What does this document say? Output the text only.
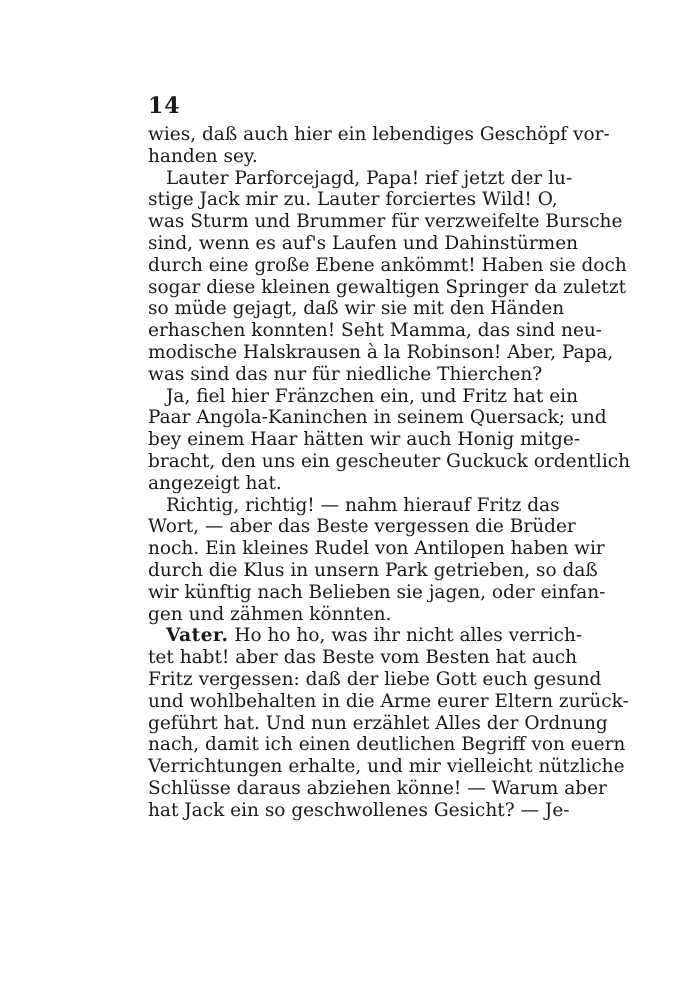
14
wies, daß auch hier ein lebendiges Geschöpf vor-
handen sey.
Lauter Parforcejagd, Papa! rief jetzt der lu-
stige Jack mir zu. Lauter forciertes Wild! O,
was Sturm und Brummer für verzweifelte Bursche
sind, wenn es auf's Laufen und Dahinstürmen
durch eine große Ebene ankömmt! Haben sie doch
sogar diese kleinen gewaltigen Springer da zuletzt
so müde gejagt, daß wir sie mit den Händen
erhaschen konnten! Seht Mamma, das sind neu-
modische Halskrausen à la Robinson! Aber, Papa,
was sind das nur für niedliche Thierchen?
Ja, fiel hier Fränzchen ein, und Fritz hat ein
Paar Angola-Kaninchen in seinem Quersack; und
bey einem Haar hätten wir auch Honig mitge-
bracht, den uns ein gescheuter Guckuck ordentlich
angezeigt hat.
Richtig, richtig! — nahm hierauf Fritz das
Wort, — aber das Beste vergessen die Brüder
noch. Ein kleines Rudel von Antilopen haben wir
durch die Klus in unsern Park getrieben, so daß
wir künftig nach Belieben sie jagen, oder einfan-
gen und zähmen könnten.
Vater. Ho ho ho, was ihr nicht alles verrich-
tet habt! aber das Beste vom Besten hat auch
Fritz vergessen: daß der liebe Gott euch gesund
und wohlbehalten in die Arme eurer Eltern zurück-
geführt hat. Und nun erzählet Alles der Ordnung
nach, damit ich einen deutlichen Begriff von euern
Verrichtungen erhalte, und mir vielleicht nützliche
Schlüsse daraus abziehen könne! — Warum aber
hat Jack ein so geschwollenes Gesicht? — Je-
